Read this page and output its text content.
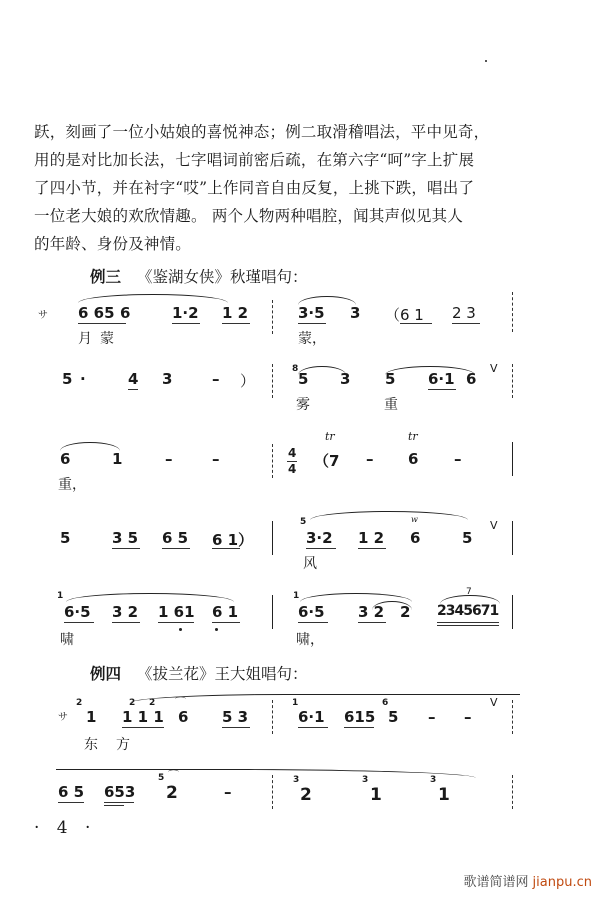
跃，刻画了一位小姑娘的喜悦神态；例二取滑稽唱法，平中见奇，
用的是对比加长法，七字唱词前密后疏，在第六字“呵”字上扩展
了四小节，并在衬字“哎”上作同音自由反复，上挑下跌，唱出了
一位老大娘的欢欣情趣。 两个人物两种唱腔，闻其声似见其人
的年龄、身份及神情。
例三 《鉴湖女侠》秋瑾唱句：
サ 6 65 6	1·2 1 2	3·5 3 （6 1 2 3
月 蒙	蒙，
5 ·	4 3	– ）
8
5 3 5 6·1 6
V
雾	重
6	1	–	–	4
4 （7
tr
– 6
tr
–
重，
5	3 5 6 5 6 1）
5
3·2 1 2
w
6	5
V
风
1
6·5 3 2 1 61 6 1
1	7
6·5 3 2 2 2345671
啸	啸，
例四 《拔兰花》王大姐唱句：
サ
2
1
2 2
1 1 1
⌒
6 5 3
1
6·1 615
6
5 – –
V
东 方
6 5 653
5 ⌒
2	–
3
2
3
1
3
1
· 4 ·
歌谱简谱网 jianpu.cn
